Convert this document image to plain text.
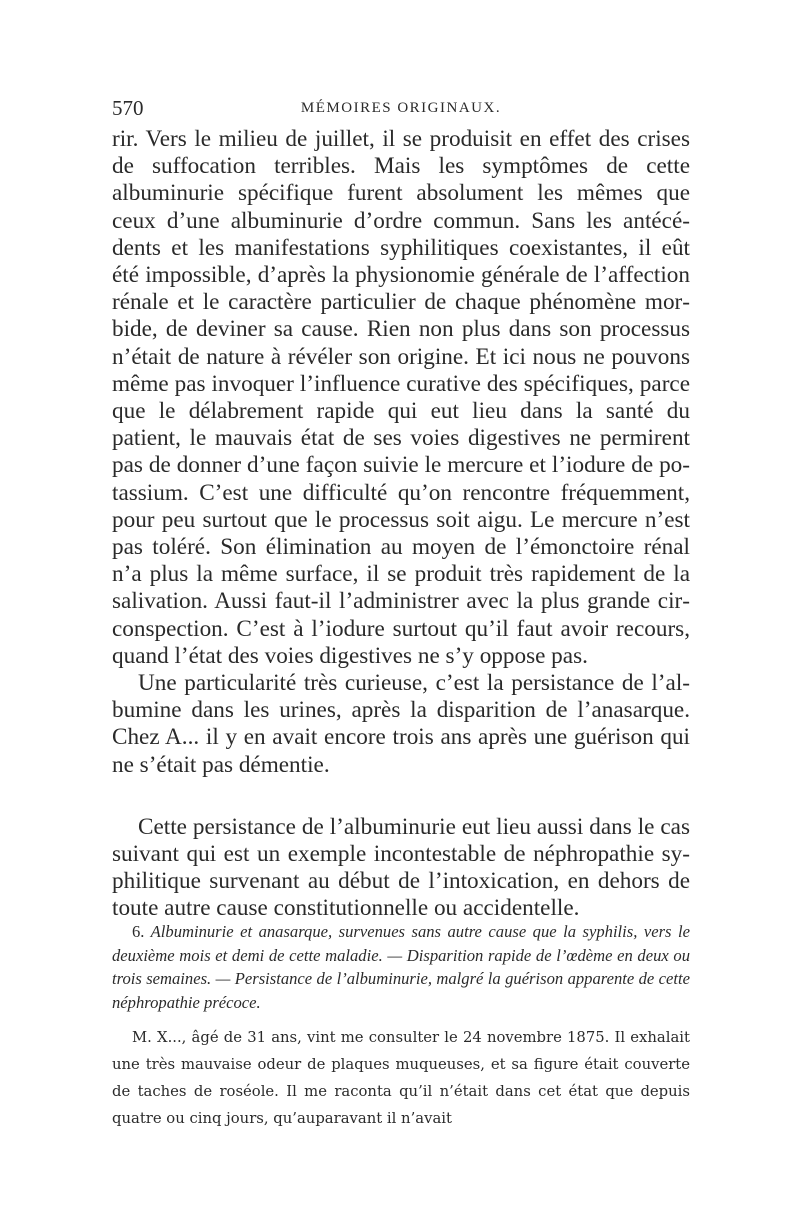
570	MÉMOIRES ORIGINAUX.

rir. Vers le milieu de juillet, il se produisit en effet des crises de suffocation terribles. Mais les symptômes de cette albuminurie spécifique furent absolument les mêmes que ceux d’une albuminurie d’ordre commun. Sans les antécédents et les manifestations syphilitiques coexistantes, il eût été impossible, d’après la physionomie générale de l’affection rénale et le caractère particulier de chaque phénomène morbide, de deviner sa cause. Rien non plus dans son processus n’était de nature à révéler son origine. Et ici nous ne pouvons même pas invoquer l’influence curative des spécifiques, parce que le délabrement rapide qui eut lieu dans la santé du patient, le mauvais état de ses voies digestives ne permirent pas de donner d’une façon suivie le mercure et l’iodure de potassium. C’est une difficulté qu’on rencontre fréquemment, pour peu surtout que le processus soit aigu. Le mercure n’est pas toléré. Son élimination au moyen de l’émonctoire rénal n’a plus la même surface, il se produit très rapidement de la salivation. Aussi faut-il l’administrer avec la plus grande circonspection. C’est à l’iodure surtout qu’il faut avoir recours, quand l’état des voies digestives ne s’y oppose pas.

Une particularité très curieuse, c’est la persistance de l’albumine dans les urines, après la disparition de l’anasarque. Chez A... il y en avait encore trois ans après une guérison qui ne s’était pas démentie.

Cette persistance de l’albuminurie eut lieu aussi dans le cas suivant qui est un exemple incontestable de néphropathie syphilitique survenant au début de l’intoxication, en dehors de toute autre cause constitutionnelle ou accidentelle.

6. Albuminurie et anasarque, survenues sans autre cause que la syphilis, vers le deuxième mois et demi de cette maladie. — Disparition rapide de l’œdème en deux ou trois semaines. — Persistance de l’albuminurie, malgré la guérison apparente de cette néphropathie précoce.

M. X..., âgé de 31 ans, vint me consulter le 24 novembre 1875. Il exhalait une très mauvaise odeur de plaques muqueuses, et sa figure était couverte de taches de roséole. Il me raconta qu’il n’était dans cet état que depuis quatre ou cinq jours, qu’auparavant il n’avait
